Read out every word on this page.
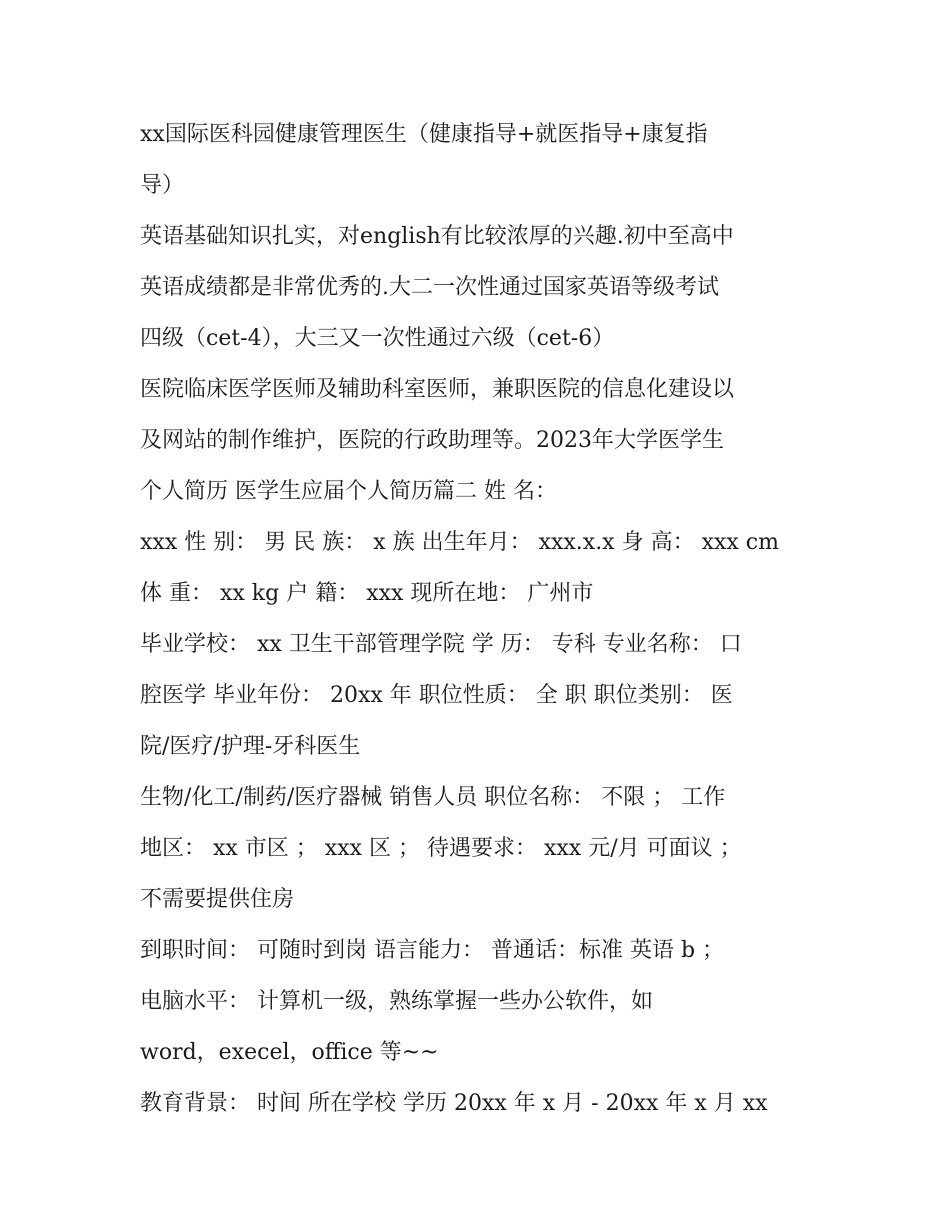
xx国际医科园健康管理医生（健康指导+就医指导+康复指
导）
英语基础知识扎实，对english有比较浓厚的兴趣.初中至高中
英语成绩都是非常优秀的.大二一次性通过国家英语等级考试
四级（cet-4），大三又一次性通过六级（cet-6）
医院临床医学医师及辅助科室医师，兼职医院的信息化建设以
及网站的制作维护，医院的行政助理等。2023年大学医学生
个人简历 医学生应届个人简历篇二 姓 名：
xxx 性 别： 男 民 族： x 族 出生年月： xxx.x.x 身 高： xxx cm
体 重： xx kg 户 籍： xxx 现所在地： 广州市
毕业学校： xx 卫生干部管理学院 学 历： 专科 专业名称： 口
腔医学 毕业年份： 20xx 年 职位性质： 全 职 职位类别： 医
院/医疗/护理-牙科医生
生物/化工/制药/医疗器械 销售人员 职位名称： 不限 ； 工作
地区： xx 市区 ； xxx 区 ； 待遇要求： xxx 元/月 可面议 ；
不需要提供住房
到职时间： 可随时到岗 语言能力： 普通话：标准 英语 b ；
电脑水平： 计算机一级，熟练掌握一些办公软件，如
word，execel，office 等~~
教育背景： 时间 所在学校 学历 20xx 年 x 月 - 20xx 年 x 月 xx
